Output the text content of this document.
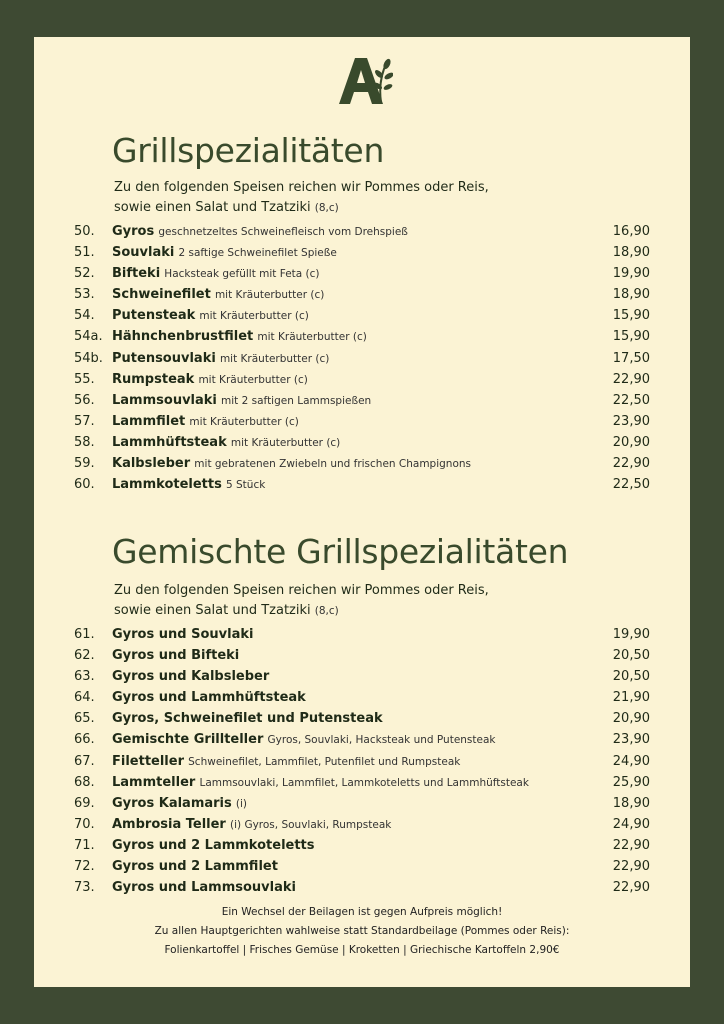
Grillspezialitäten
Zu den folgenden Speisen reichen wir Pommes oder Reis,
sowie einen Salat und Tzatziki (8,c)
50. Gyros geschnetzeltes Schweinefleisch vom Drehspieß	16,90
51. Souvlaki 2 saftige Schweinefilet Spieße	18,90
52. Bifteki Hacksteak gefüllt mit Feta (c)	19,90
53. Schweinefilet mit Kräuterbutter (c)	18,90
54. Putensteak mit Kräuterbutter (c)	15,90
54a. Hähnchenbrustfilet mit Kräuterbutter (c)	15,90
54b. Putensouvlaki mit Kräuterbutter (c)	17,50
55. Rumpsteak mit Kräuterbutter (c)	22,90
56. Lammsouvlaki mit 2 saftigen Lammspießen	22,50
57. Lammfilet mit Kräuterbutter (c)	23,90
58. Lammhüftsteak mit Kräuterbutter (c)	20,90
59. Kalbsleber mit gebratenen Zwiebeln und frischen Champignons	22,90
60. Lammkoteletts 5 Stück	22,50
Gemischte Grillspezialitäten
Zu den folgenden Speisen reichen wir Pommes oder Reis,
sowie einen Salat und Tzatziki (8,c)
61. Gyros und Souvlaki	19,90
62. Gyros und Bifteki	20,50
63. Gyros und Kalbsleber	20,50
64. Gyros und Lammhüftsteak	21,90
65. Gyros, Schweinefilet und Putensteak	20,90
66. Gemischte Grillteller Gyros, Souvlaki, Hacksteak und Putensteak	23,90
67. Filetteller Schweinefilet, Lammfilet, Putenfilet und Rumpsteak	24,90
68. Lammteller Lammsouvlaki, Lammfilet, Lammkoteletts und Lammhüftsteak	25,90
69. Gyros Kalamaris (i)	18,90
70. Ambrosia Teller (i) Gyros, Souvlaki, Rumpsteak	24,90
71. Gyros und 2 Lammkoteletts	22,90
72. Gyros und 2 Lammfilet	22,90
73. Gyros und Lammsouvlaki	22,90
Ein Wechsel der Beilagen ist gegen Aufpreis möglich!
Zu allen Hauptgerichten wahlweise statt Standardbeilage (Pommes oder Reis):
Folienkartoffel | Frisches Gemüse | Kroketten | Griechische Kartoffeln 2,90€
